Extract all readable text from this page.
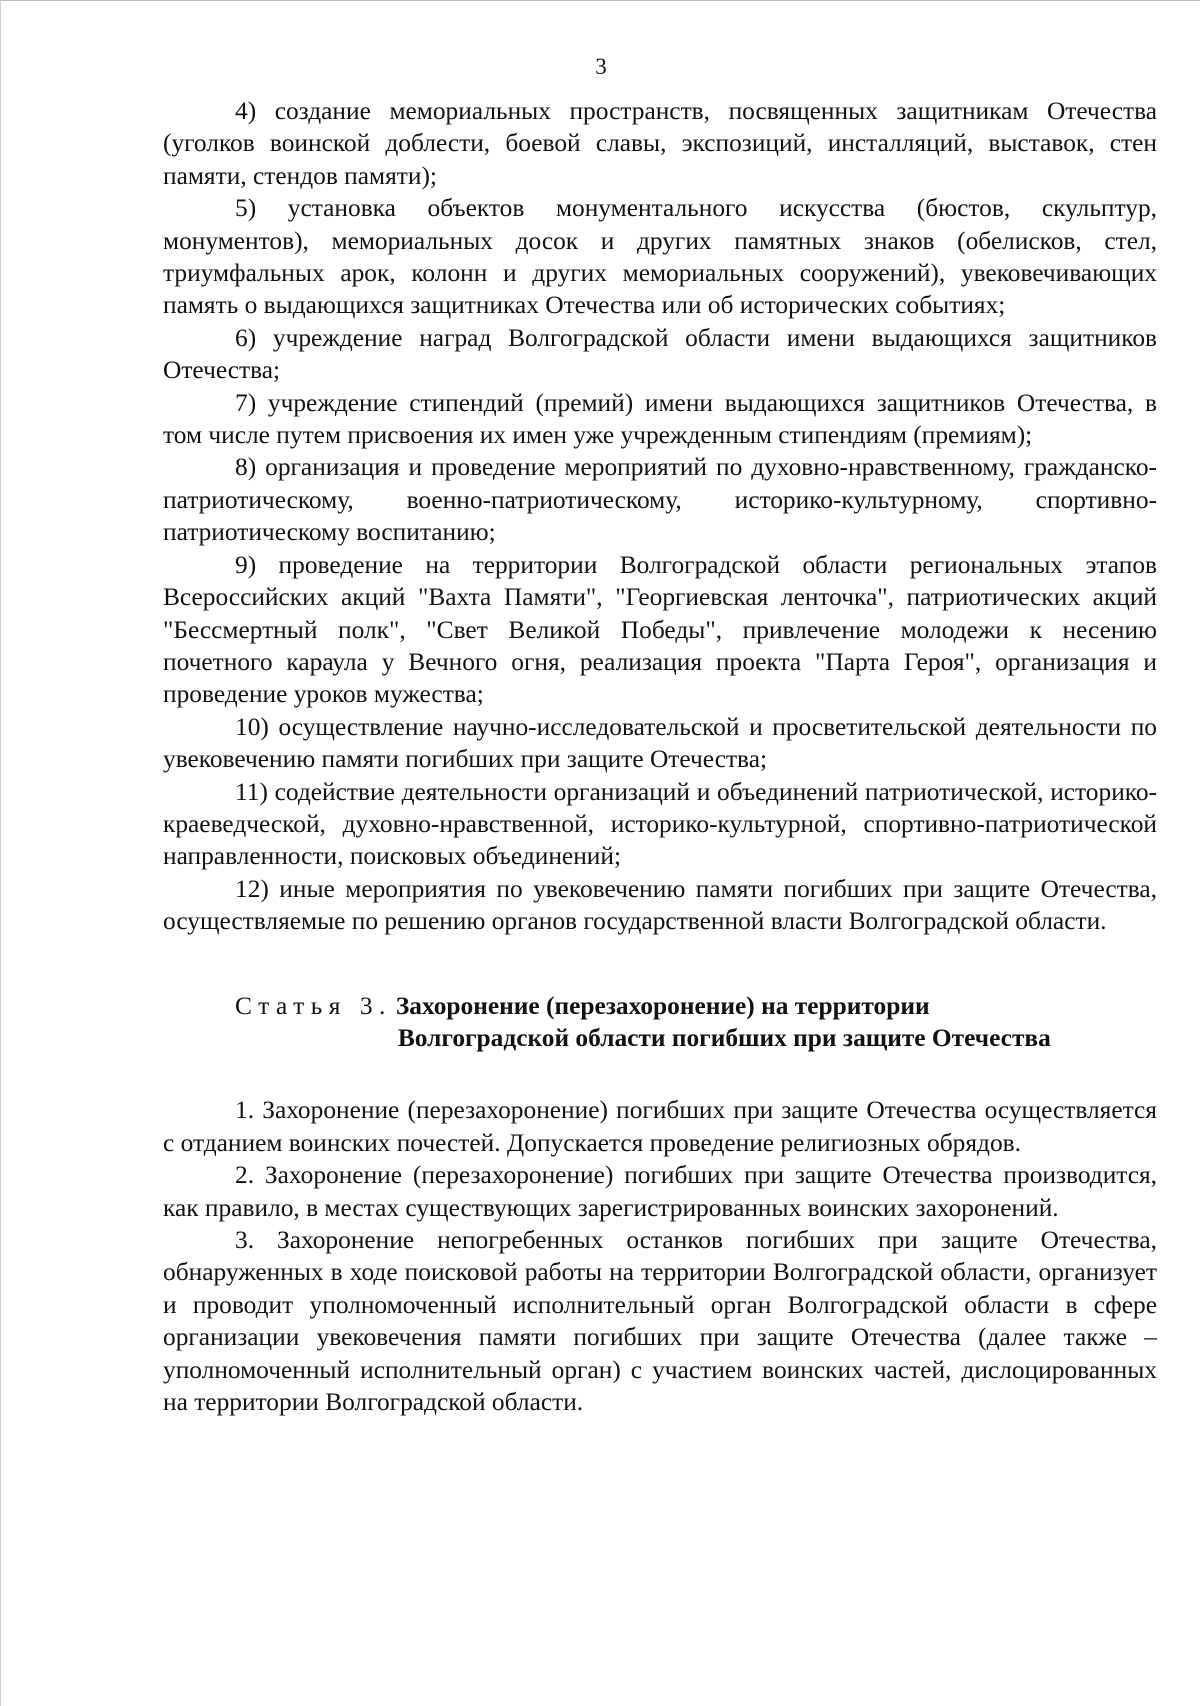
3

4) создание мемориальных пространств, посвященных защитникам Отечества (уголков воинской доблести, боевой славы, экспозиций, инсталляций, выставок, стен памяти, стендов памяти);

5) установка объектов монументального искусства (бюстов, скульптур, монументов), мемориальных досок и других памятных знаков (обелисков, стел, триумфальных арок, колонн и других мемориальных сооружений), увековечивающих память о выдающихся защитниках Отечества или об исторических событиях;

6) учреждение наград Волгоградской области имени выдающихся защитников Отечества;

7) учреждение стипендий (премий) имени выдающихся защитников Отечества, в том числе путем присвоения их имен уже учрежденным стипендиям (премиям);

8) организация и проведение мероприятий по духовно-нравственному, гражданско-патриотическому, военно-патриотическому, историко-культурному, спортивно-патриотическому воспитанию;

9) проведение на территории Волгоградской области региональных этапов Всероссийских акций "Вахта Памяти", "Георгиевская ленточка", патриотических акций "Бессмертный полк", "Свет Великой Победы", привлечение молодежи к несению почетного караула у Вечного огня, реализация проекта "Парта Героя", организация и проведение уроков мужества;

10) осуществление научно-исследовательской и просветительской деятельности по увековечению памяти погибших при защите Отечества;

11) содействие деятельности организаций и объединений патриотической, историко-краеведческой, духовно-нравственной, историко-культурной, спортивно-патриотической направленности, поисковых объединений;

12) иные мероприятия по увековечению памяти погибших при защите Отечества, осуществляемые по решению органов государственной власти Волгоградской области.

Статья 3. Захоронение (перезахоронение) на территории
Волгоградской области погибших при защите Отечества

1. Захоронение (перезахоронение) погибших при защите Отечества осуществляется с отданием воинских почестей. Допускается проведение религиозных обрядов.

2. Захоронение (перезахоронение) погибших при защите Отечества производится, как правило, в местах существующих зарегистрированных воинских захоронений.

3. Захоронение непогребенных останков погибших при защите Отечества, обнаруженных в ходе поисковой работы на территории Волгоградской области, организует и проводит уполномоченный исполнительный орган Волгоградской области в сфере организации увековечения памяти погибших при защите Отечества (далее также – уполномоченный исполнительный орган) с участием воинских частей, дислоцированных на территории Волгоградской области.
